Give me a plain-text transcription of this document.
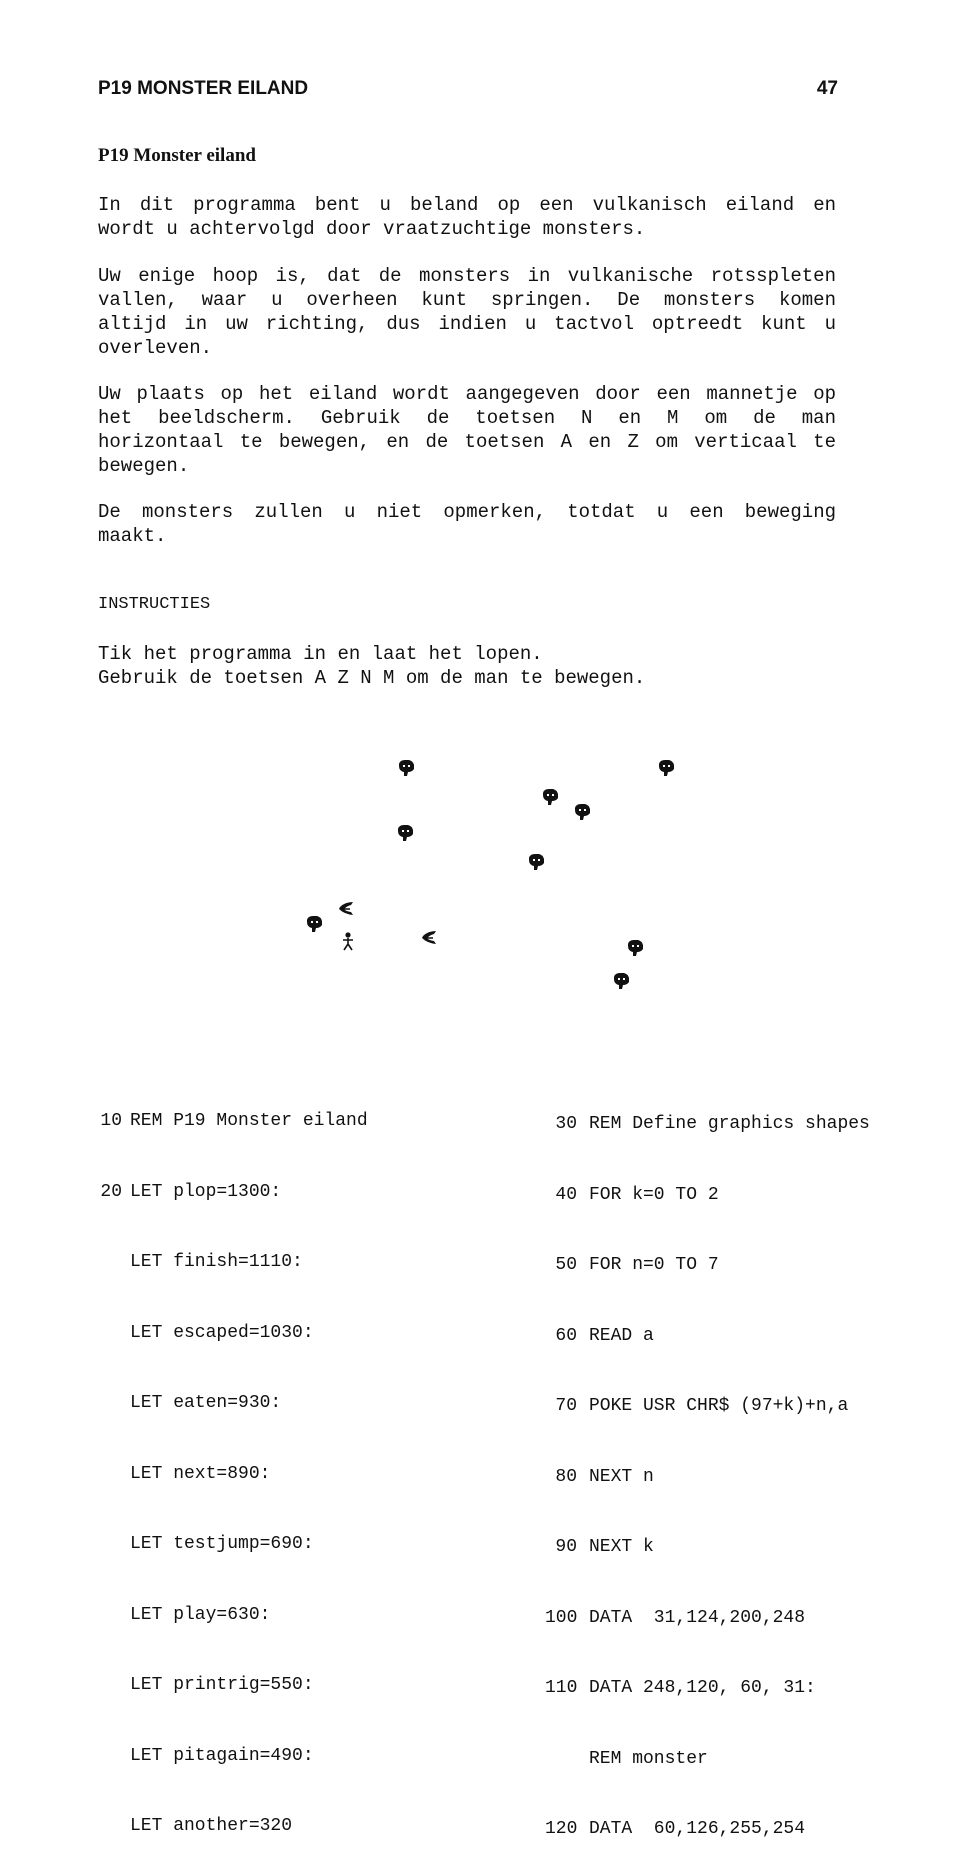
P19 MONSTER EILAND	47
P19 Monster eiland
In dit programma bent u beland op een vulkanisch eiland en
wordt u achtervolgd door vraatzuchtige monsters.
Uw enige hoop is, dat de monsters in vulkanische rotsspleten
vallen, waar u overheen kunt springen. De monsters komen
altijd in uw richting, dus indien u tactvol optreedt kunt u
overleven.
Uw plaats op het eiland wordt aangegeven door een mannetje op
het beeldscherm. Gebruik de toetsen N en M om de man
horizontaal te bewegen, en de toetsen A en Z om verticaal te
bewegen.
De monsters zullen u niet opmerken, totdat u een beweging
maakt.
INSTRUCTIES
Tik het programma in en laat het lopen.
Gebruik de toetsen A Z N M om de man te bewegen.

10 REM P19 Monster eiland

20 LET plop=1300:

LET finish=1110:

LET escaped=1030:

LET eaten=930:

LET next=890:

LET testjump=690:

LET play=630:

LET printrig=550:

LET pitagain=490:

LET another=320

30 REM Define graphics shapes

40 FOR k=0 TO 2

50 FOR n=0 TO 7

60 READ a

70 POKE USR CHR$ (97+k)+n,a

80 NEXT n

90 NEXT k

100 DATA  31,124,200,248

110 DATA 248,120, 60, 31:

REM monster

120 DATA  60,126,255,254
